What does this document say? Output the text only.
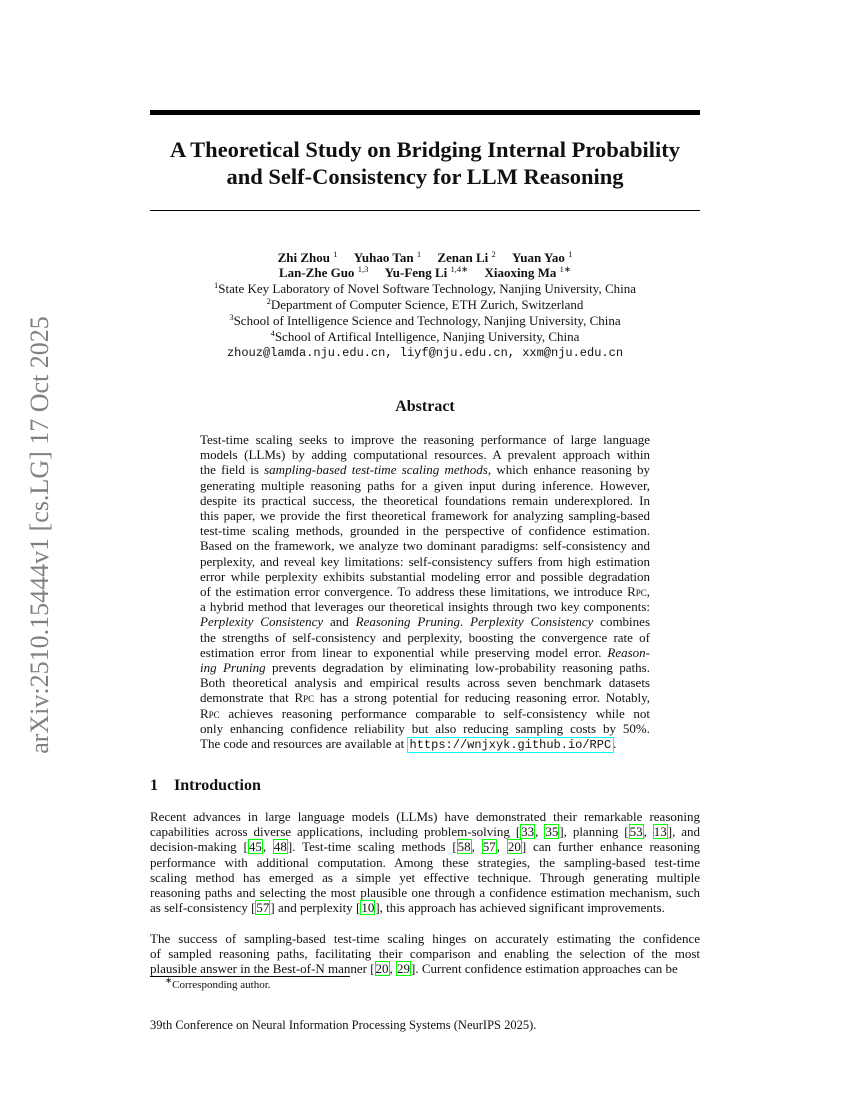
arXiv:2510.15444v1 [cs.LG] 17 Oct 2025
A Theoretical Study on Bridging Internal Probability
and Self-Consistency for LLM Reasoning
Zhi Zhou $^1$  Yuhao Tan $^1$  Zenan Li $^2$  Yuan Yao $^1$
Lan-Zhe Guo $^{1,3}$  Yu-Feng Li $^{1,4∗}$  Xiaoxing Ma $^{1∗}$
$^1$State Key Laboratory of Novel Software Technology, Nanjing University, China
$^2$Department of Computer Science, ETH Zurich, Switzerland
$^3$School of Intelligence Science and Technology, Nanjing University, China
$^4$School of Artifical Intelligence, Nanjing University, China
zhouz@lamda.nju.edu.cn, liyf@nju.edu.cn, xxm@nju.edu.cn
Abstract
Test-time scaling seeks to improve the reasoning performance of large language
models (LLMs) by adding computational resources. A prevalent approach within
the field is sampling-based test-time scaling methods, which enhance reasoning by
generating multiple reasoning paths for a given input during inference. However,
despite its practical success, the theoretical foundations remain underexplored. In
this paper, we provide the first theoretical framework for analyzing sampling-based
test-time scaling methods, grounded in the perspective of confidence estimation.
Based on the framework, we analyze two dominant paradigms: self-consistency and
perplexity, and reveal key limitations: self-consistency suffers from high estimation
error while perplexity exhibits substantial modeling error and possible degradation
of the estimation error convergence. To address these limitations, we introduce Rpc,
a hybrid method that leverages our theoretical insights through two key components:
Perplexity Consistency and Reasoning Pruning. Perplexity Consistency combines
the strengths of self-consistency and perplexity, boosting the convergence rate of
estimation error from linear to exponential while preserving model error. Reason-
ing Pruning prevents degradation by eliminating low-probability reasoning paths.
Both theoretical analysis and empirical results across seven benchmark datasets
demonstrate that Rpc has a strong potential for reducing reasoning error. Notably,
Rpc achieves reasoning performance comparable to self-consistency while not
only enhancing confidence reliability but also reducing sampling costs by 50%.
The code and resources are available at https://wnjxyk.github.io/RPC .
1 Introduction
Recent advances in large language models (LLMs) have demonstrated their remarkable reasoning
capabilities across diverse applications, including problem-solving [33, 35], planning [53, 13], and
decision-making [45, 48]. Test-time scaling methods [58, 57, 20] can further enhance reasoning
performance with additional computation. Among these strategies, the sampling-based test-time
scaling method has emerged as a simple yet effective technique. Through generating multiple
reasoning paths and selecting the most plausible one through a confidence estimation mechanism, such
as self-consistency [57] and perplexity [10], this approach has achieved significant improvements.
The success of sampling-based test-time scaling hinges on accurately estimating the confidence
of sampled reasoning paths, facilitating their comparison and enabling the selection of the most
plausible answer in the Best-of-N manner [20, 29]. Current confidence estimation approaches can be
∗Corresponding author.
39th Conference on Neural Information Processing Systems (NeurIPS 2025).
